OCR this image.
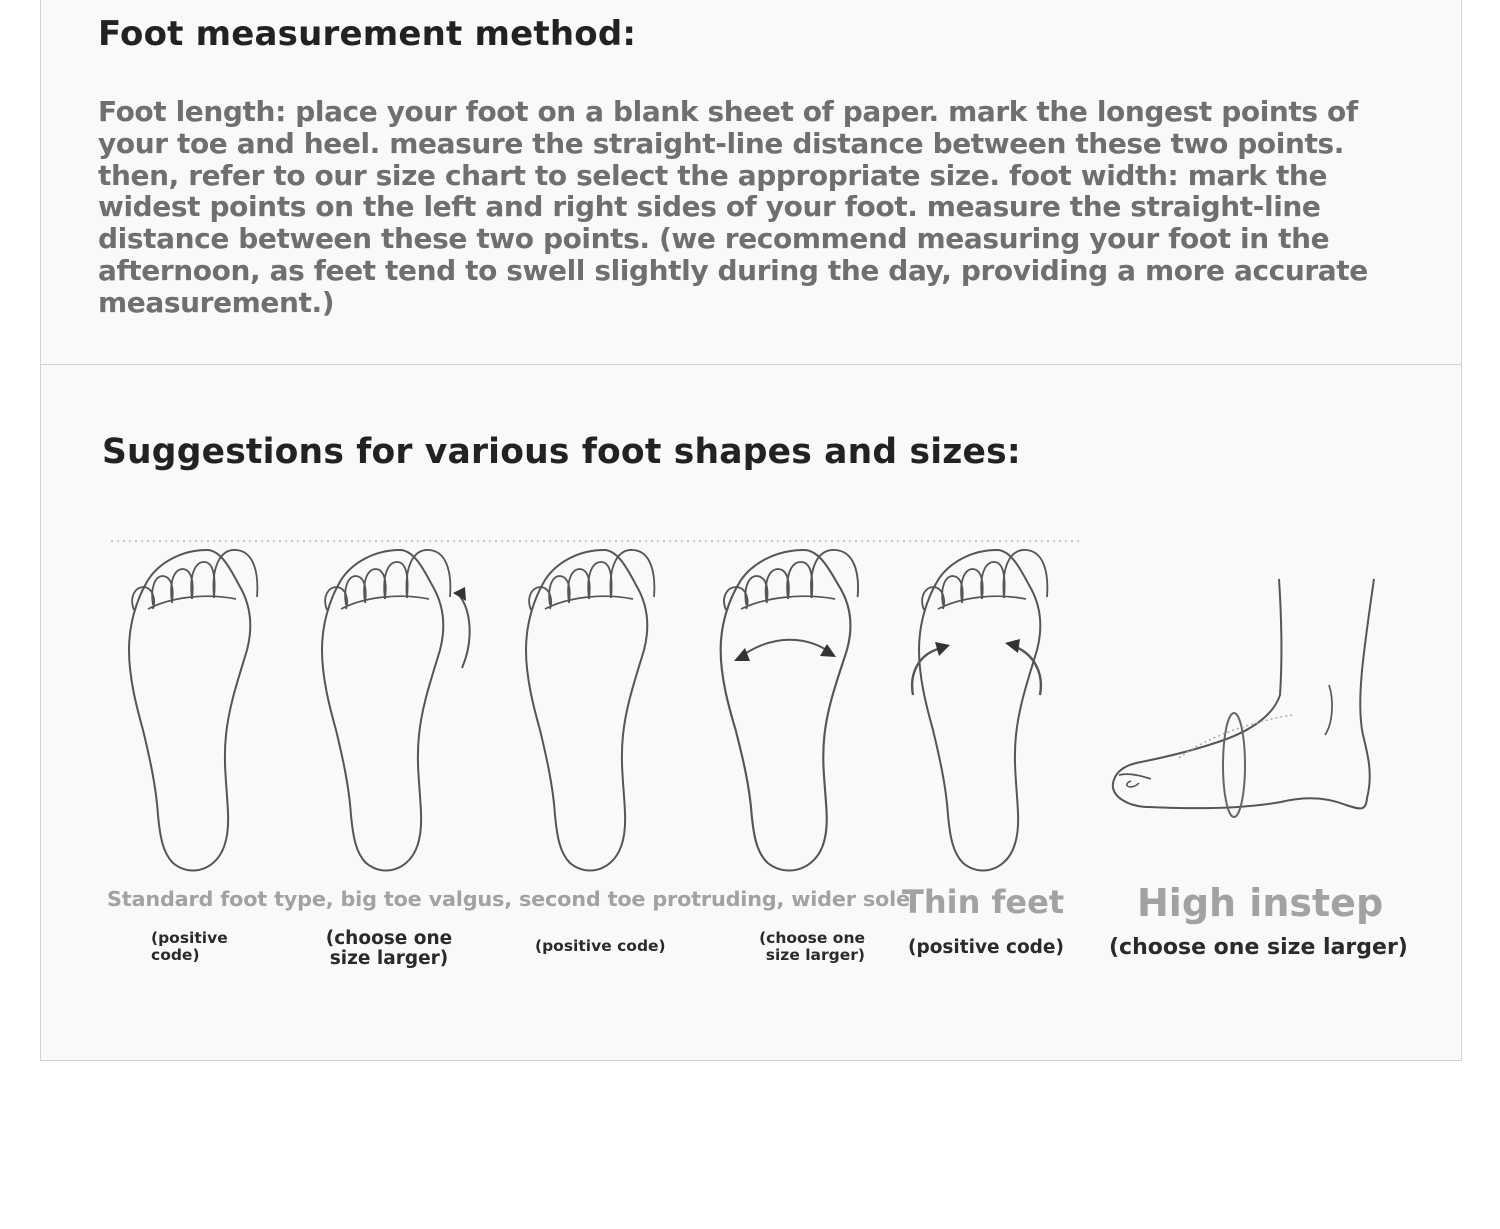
Foot measurement method:

Foot length: place your foot on a blank sheet of paper. mark the longest points of your toe and heel. measure the straight-line distance between these two points. then, refer to our size chart to select the appropriate size. foot width: mark the widest points on the left and right sides of your foot. measure the straight-line distance between these two points. (we recommend measuring your foot in the afternoon, as feet tend to swell slightly during the day, providing a more accurate measurement.)

Suggestions for various foot shapes and sizes:
Standard foot type, big toe valgus, second toe protruding, wider sole
Thin feet High instep
(positive code)
(choose one size larger)
(positive code)	(choose one size larger) (positive code) (choose one size larger)
